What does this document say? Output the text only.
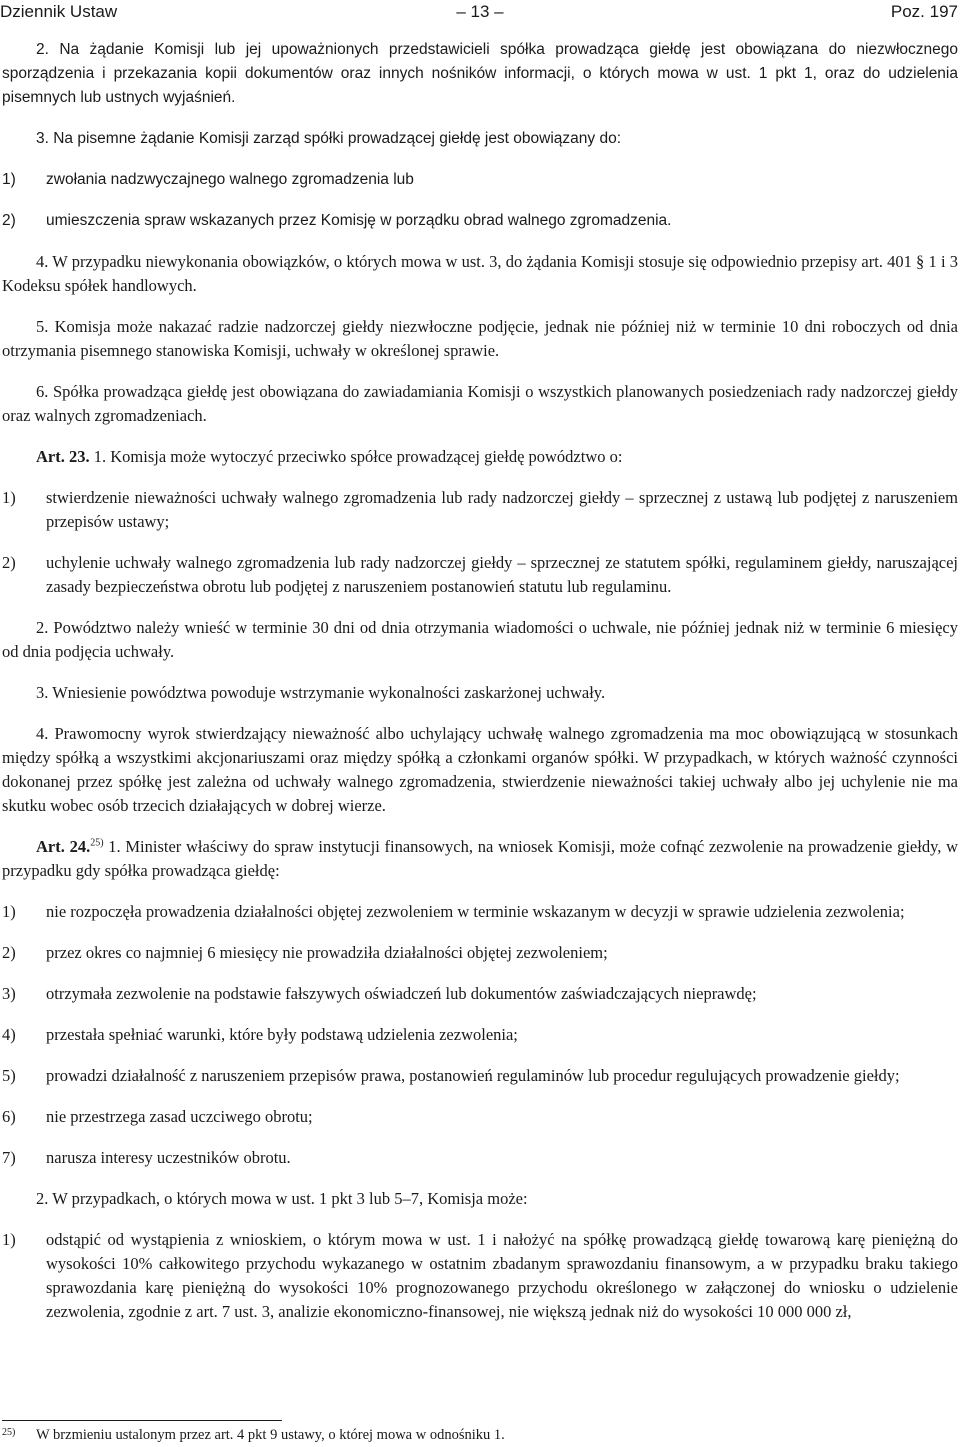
Dziennik Ustaw	– 13 –	Poz. 197

2. Na żądanie Komisji lub jej upoważnionych przedstawicieli spółka prowadząca giełdę jest obowiązana do niezwłocznego sporządzenia i przekazania kopii dokumentów oraz innych nośników informacji, o których mowa w ust. 1 pkt 1, oraz do udzielenia pisemnych lub ustnych wyjaśnień.

3. Na pisemne żądanie Komisji zarząd spółki prowadzącej giełdę jest obowiązany do:

1) zwołania nadzwyczajnego walnego zgromadzenia lub
2) umieszczenia spraw wskazanych przez Komisję w porządku obrad walnego zgromadzenia.

4. W przypadku niewykonania obowiązków, o których mowa w ust. 3, do żądania Komisji stosuje się odpowiednio przepisy art. 401 § 1 i 3 Kodeksu spółek handlowych.

5. Komisja może nakazać radzie nadzorczej giełdy niezwłoczne podjęcie, jednak nie później niż w terminie 10 dni roboczych od dnia otrzymania pisemnego stanowiska Komisji, uchwały w określonej sprawie.

6. Spółka prowadząca giełdę jest obowiązana do zawiadamiania Komisji o wszystkich planowanych posiedzeniach rady nadzorczej giełdy oraz walnych zgromadzeniach.

Art. 23. 1. Komisja może wytoczyć przeciwko spółce prowadzącej giełdę powództwo o:

1) stwierdzenie nieważności uchwały walnego zgromadzenia lub rady nadzorczej giełdy – sprzecznej z ustawą lub podjętej z naruszeniem przepisów ustawy;
2) uchylenie uchwały walnego zgromadzenia lub rady nadzorczej giełdy – sprzecznej ze statutem spółki, regulaminem giełdy, naruszającej zasady bezpieczeństwa obrotu lub podjętej z naruszeniem postanowień statutu lub regulaminu.

2. Powództwo należy wnieść w terminie 30 dni od dnia otrzymania wiadomości o uchwale, nie później jednak niż w terminie 6 miesięcy od dnia podjęcia uchwały.

3. Wniesienie powództwa powoduje wstrzymanie wykonalności zaskarżonej uchwały.

4. Prawomocny wyrok stwierdzający nieważność albo uchylający uchwałę walnego zgromadzenia ma moc obowiązującą w stosunkach między spółką a wszystkimi akcjonariuszami oraz między spółką a członkami organów spółki. W przypadkach, w których ważność czynności dokonanej przez spółkę jest zależna od uchwały walnego zgromadzenia, stwierdzenie nieważności takiej uchwały albo jej uchylenie nie ma skutku wobec osób trzecich działających w dobrej wierze.

Art. 24.$^{25)}$ 1. Minister właściwy do spraw instytucji finansowych, na wniosek Komisji, może cofnąć zezwolenie na prowadzenie giełdy, w przypadku gdy spółka prowadząca giełdę:

1) nie rozpoczęła prowadzenia działalności objętej zezwoleniem w terminie wskazanym w decyzji w sprawie udzielenia zezwolenia;
2) przez okres co najmniej 6 miesięcy nie prowadziła działalności objętej zezwoleniem;
3) otrzymała zezwolenie na podstawie fałszywych oświadczeń lub dokumentów zaświadczających nieprawdę;
4) przestała spełniać warunki, które były podstawą udzielenia zezwolenia;
5) prowadzi działalność z naruszeniem przepisów prawa, postanowień regulaminów lub procedur regulujących prowadzenie giełdy;
6) nie przestrzega zasad uczciwego obrotu;
7) narusza interesy uczestników obrotu.

2. W przypadkach, o których mowa w ust. 1 pkt 3 lub 5–7, Komisja może:

1) odstąpić od wystąpienia z wnioskiem, o którym mowa w ust. 1 i nałożyć na spółkę prowadzącą giełdę towarową karę pieniężną do wysokości 10% całkowitego przychodu wykazanego w ostatnim zbadanym sprawozdaniu finansowym, a w przypadku braku takiego sprawozdania karę pieniężną do wysokości 10% prognozowanego przychodu określonego w załączonej do wniosku o udzielenie zezwolenia, zgodnie z art. 7 ust. 3, analizie ekonomiczno-finansowej, nie większą jednak niż do wysokości 10 000 000 zł,
25)	W brzmieniu ustalonym przez art. 4 pkt 9 ustawy, o której mowa w odnośniku 1.
